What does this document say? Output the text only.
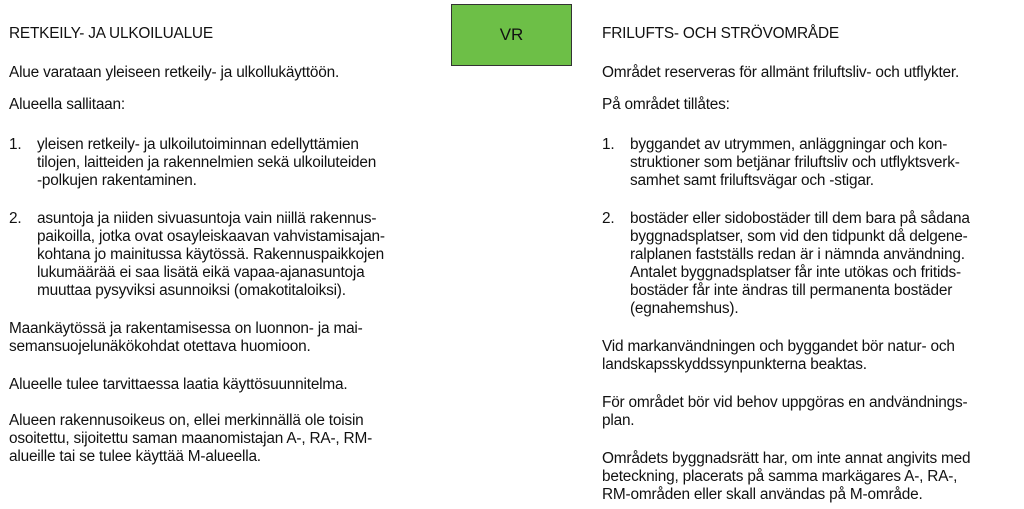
RETKEILY- JA ULKOILUALUE
Alue varataan yleiseen retkeily- ja ulkollukäyttöön.
Alueella sallitaan:
1. yleisen retkeily- ja ulkoilutoiminnan edellyttämien
tilojen, laitteiden ja rakennelmien sekä ulkoiluteiden
-polkujen rakentaminen.
2. asuntoja ja niiden sivuasuntoja vain niillä rakennus-
paikoilla, jotka ovat osayleiskaavan vahvistamisajan-
kohtana jo mainitussa käytössä. Rakennuspaikkojen
lukumäärää ei saa lisätä eikä vapaa-ajanasuntoja
muuttaa pysyviksi asunnoiksi (omakotitaloiksi).
Maankäytössä ja rakentamisessa on luonnon- ja mai-
semansuojelunäkökohdat otettava huomioon.
Alueelle tulee tarvittaessa laatia käyttösuunnitelma.
Alueen rakennusoikeus on, ellei merkinnällä ole toisin
osoitettu, sijoitettu saman maanomistajan A-, RA-, RM-
alueille tai se tulee käyttää M-alueella.
VR	FRILUFTS- OCH STRÖVOMRÅDE
Området reserveras för allmänt friluftsliv- och utflykter.
På området tillåtes:
1. byggandet av utrymmen, anläggningar och kon-
struktioner som betjänar friluftsliv och utflyktsverk-
samhet samt friluftsvägar och -stigar.
2. bostäder eller sidobostäder till dem bara på sådana
byggnadsplatser, som vid den tidpunkt då delgene-
ralplanen fastställs redan är i nämnda användning.
Antalet byggnadsplatser får inte utökas och fritids-
bostäder får inte ändras till permanenta bostäder
(egnahemshus).
Vid markanvändningen och byggandet bör natur- och
landskapsskyddssynpunkterna beaktas.
För området bör vid behov uppgöras en andvändnings-
plan.
Områdets byggnadsrätt har, om inte annat angivits med
beteckning, placerats på samma markägares A-, RA-,
RM-områden eller skall användas på M-område.
